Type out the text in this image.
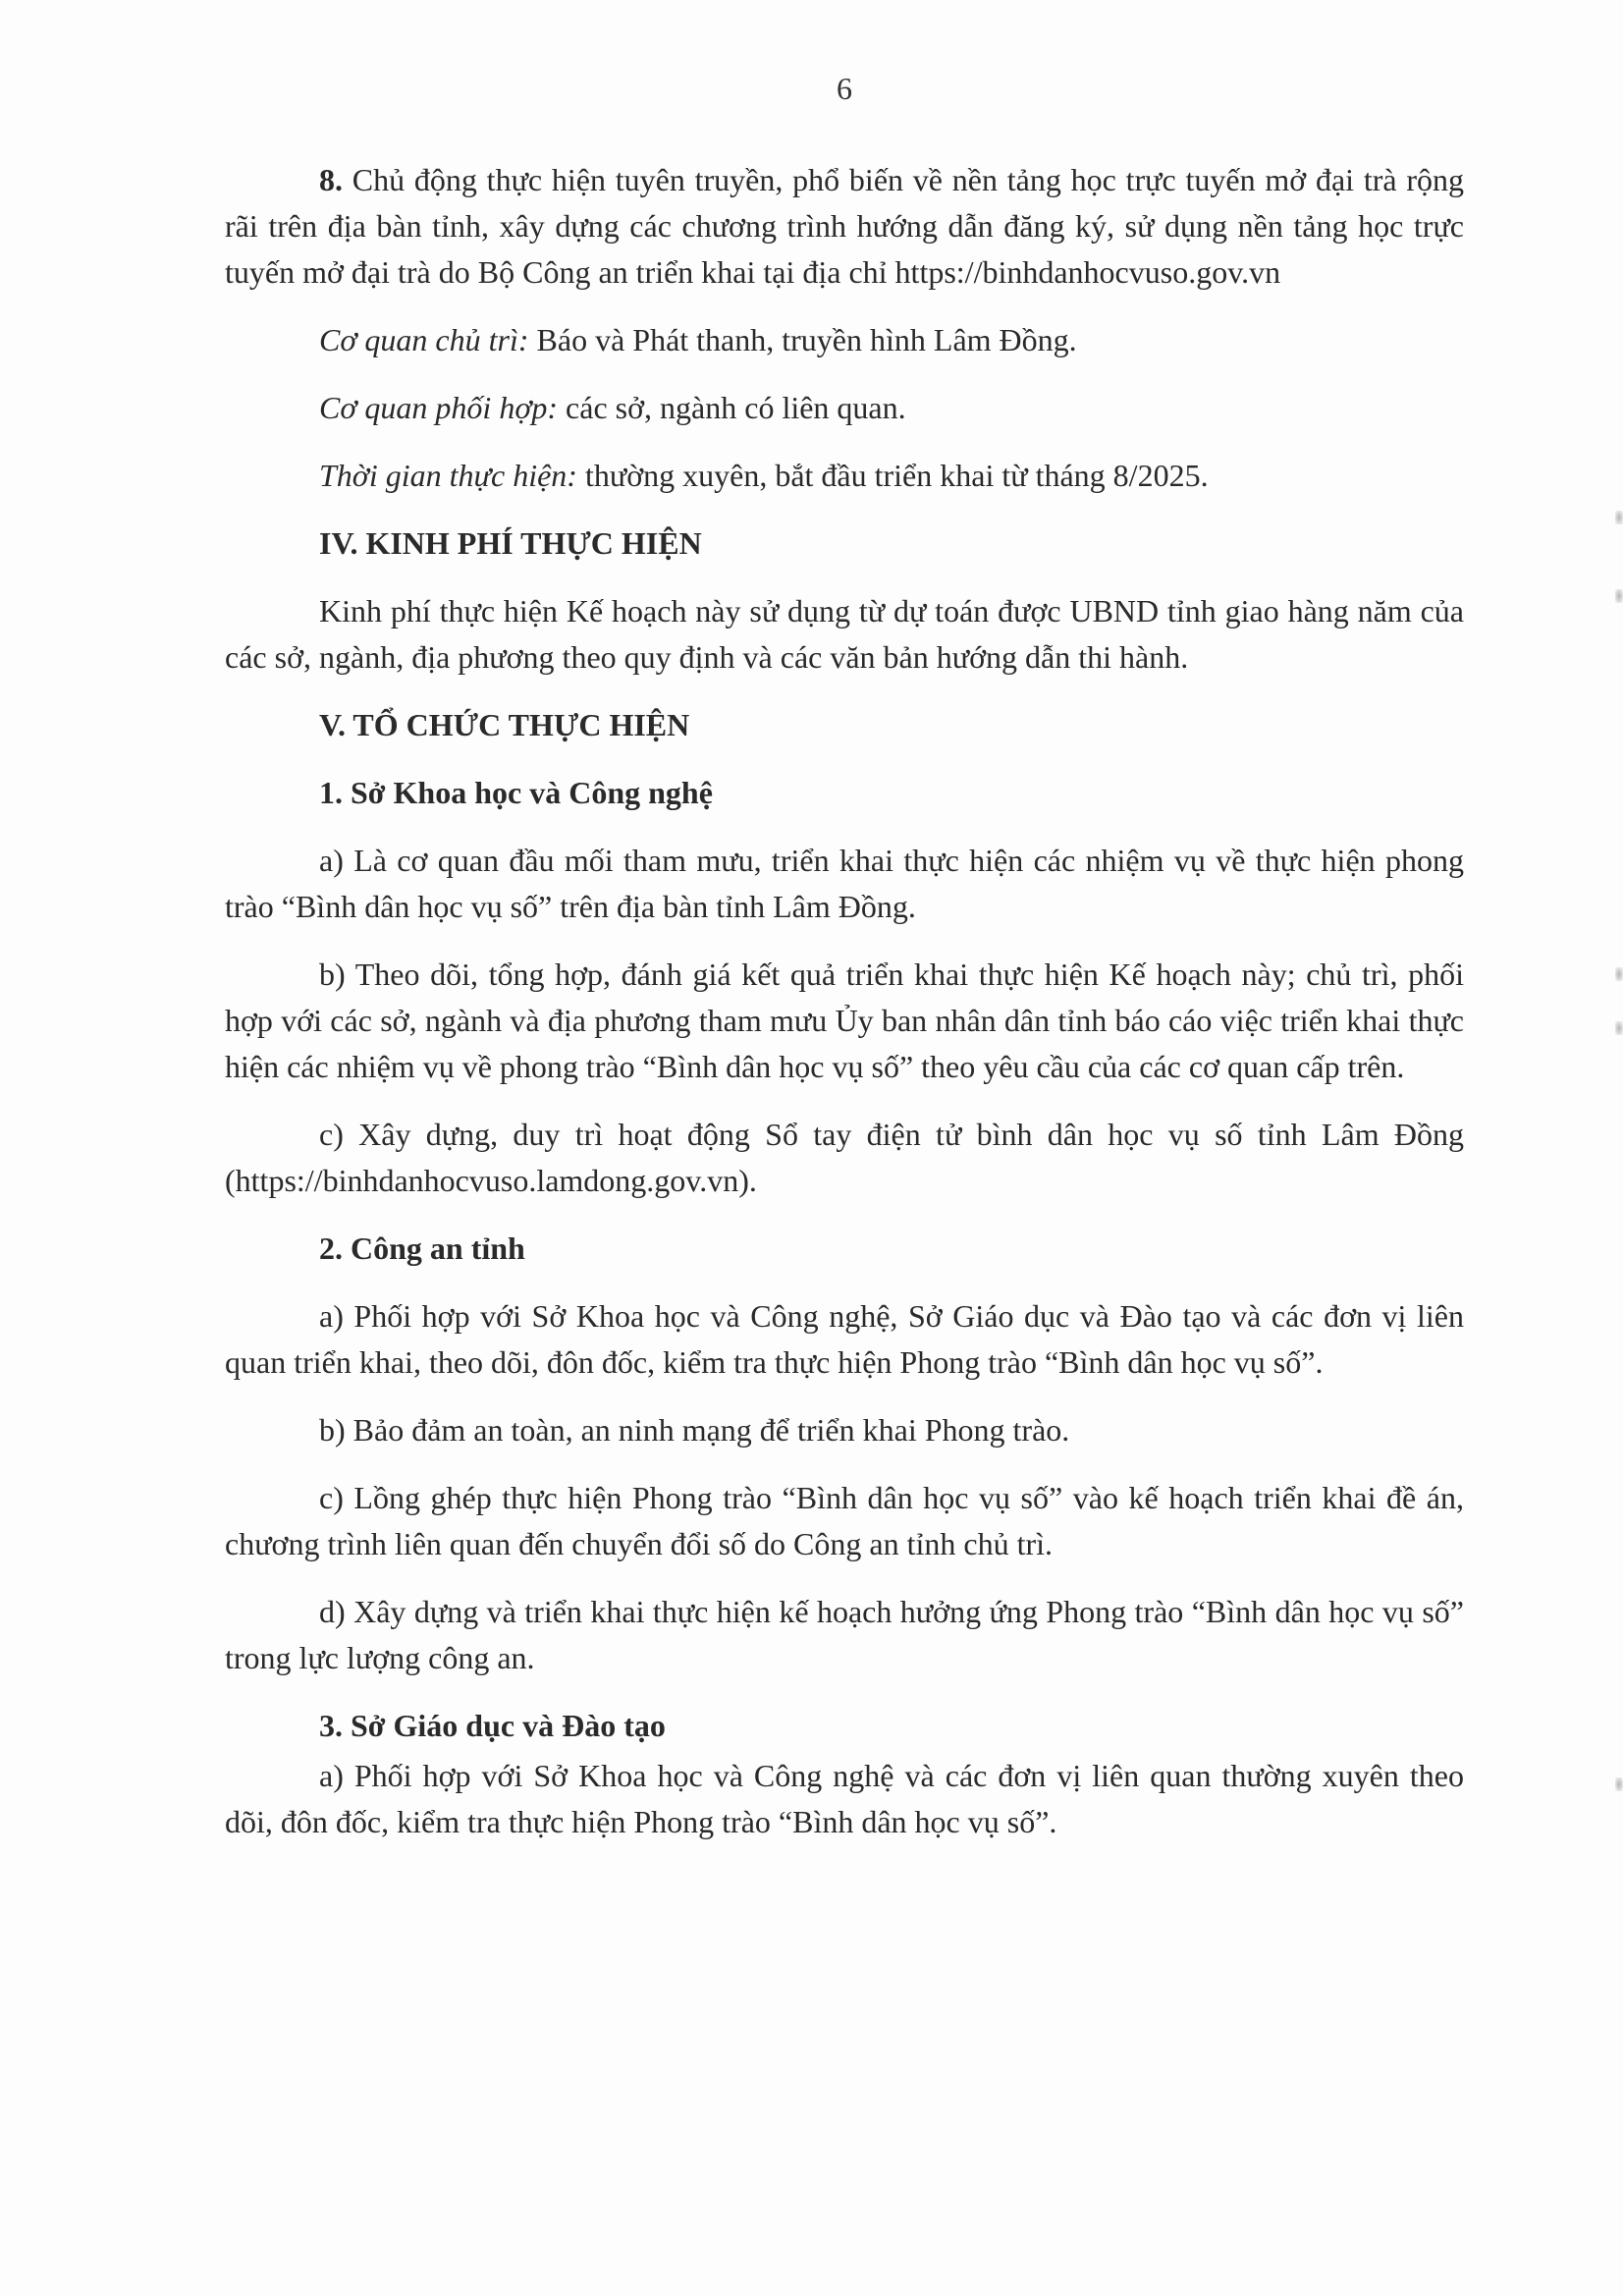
6

8. Chủ động thực hiện tuyên truyền, phổ biến về nền tảng học trực tuyến mở đại trà rộng rãi trên địa bàn tỉnh, xây dựng các chương trình hướng dẫn đăng ký, sử dụng nền tảng học trực tuyến mở đại trà do Bộ Công an triển khai tại địa chỉ https://binhdanhocvuso.gov.vn

Cơ quan chủ trì: Báo và Phát thanh, truyền hình Lâm Đồng.

Cơ quan phối hợp: các sở, ngành có liên quan.

Thời gian thực hiện: thường xuyên, bắt đầu triển khai từ tháng 8/2025.

IV. KINH PHÍ THỰC HIỆN

Kinh phí thực hiện Kế hoạch này sử dụng từ dự toán được UBND tỉnh giao hàng năm của các sở, ngành, địa phương theo quy định và các văn bản hướng dẫn thi hành.

V. TỔ CHỨC THỰC HIỆN

1. Sở Khoa học và Công nghệ

a) Là cơ quan đầu mối tham mưu, triển khai thực hiện các nhiệm vụ về thực hiện phong trào “Bình dân học vụ số” trên địa bàn tỉnh Lâm Đồng.

b) Theo dõi, tổng hợp, đánh giá kết quả triển khai thực hiện Kế hoạch này; chủ trì, phối hợp với các sở, ngành và địa phương tham mưu Ủy ban nhân dân tỉnh báo cáo việc triển khai thực hiện các nhiệm vụ về phong trào “Bình dân học vụ số” theo yêu cầu của các cơ quan cấp trên.

c) Xây dựng, duy trì hoạt động Sổ tay điện tử bình dân học vụ số tỉnh Lâm Đồng (https://binhdanhocvuso.lamdong.gov.vn).

2. Công an tỉnh

a) Phối hợp với Sở Khoa học và Công nghệ, Sở Giáo dục và Đào tạo và các đơn vị liên quan triển khai, theo dõi, đôn đốc, kiểm tra thực hiện Phong trào “Bình dân học vụ số”.

b) Bảo đảm an toàn, an ninh mạng để triển khai Phong trào.

c) Lồng ghép thực hiện Phong trào “Bình dân học vụ số” vào kế hoạch triển khai đề án, chương trình liên quan đến chuyển đổi số do Công an tỉnh chủ trì.

d) Xây dựng và triển khai thực hiện kế hoạch hưởng ứng Phong trào “Bình dân học vụ số” trong lực lượng công an.

3. Sở Giáo dục và Đào tạo

a) Phối hợp với Sở Khoa học và Công nghệ và các đơn vị liên quan thường xuyên theo dõi, đôn đốc, kiểm tra thực hiện Phong trào “Bình dân học vụ số”.
